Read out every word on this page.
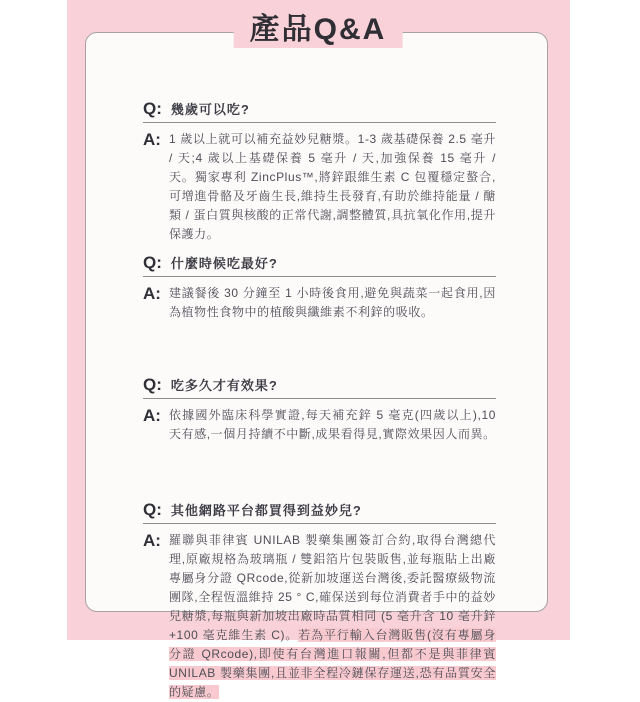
產品Q&A
Q: 幾歲可以吃?
A: 1 歲以上就可以補充益妙兒糖漿。1-3 歲基礎保養 2.5 毫升 / 天;4 歲以上基礎保養 5 毫升 / 天,加強保養 15 毫升 / 天。獨家專利 ZincPlus™,將鋅跟維生素 C 包覆穩定螯合,可增進骨骼及牙齒生長,維持生長發育,有助於維持能量 / 醣類 / 蛋白質與核酸的正常代謝,調整體質,具抗氧化作用,提升保護力。
Q: 什麼時候吃最好?
A: 建議餐後 30 分鐘至 1 小時後食用,避免與蔬菜一起食用,因為植物性食物中的植酸與纖維素不利鋅的吸收。
Q: 吃多久才有效果?
A: 依據國外臨床科學實證,每天補充鋅 5 毫克(四歲以上),10 天有感,一個月持續不中斷,成果看得見,實際效果因人而異。
Q: 其他網路平台都買得到益妙兒?
A: 羅聯與菲律賓 UNILAB 製藥集團簽訂合約,取得台灣總代理,原廠規格為玻璃瓶 / 雙鋁箔片包裝販售,並每瓶貼上出廠專屬身分證 QRcode,從新加坡運送台灣後,委託醫療級物流團隊,全程恆溫維持 25 ° C,確保送到每位消費者手中的益妙兒糖漿,每瓶與新加坡出廠時品質相同 (5 毫升含 10 毫升鋅 +100 毫克維生素 C)。若為平行輸入台灣販售(沒有專屬身分證 QRcode),即使有台灣進口報關,但都不是與菲律賓 UNILAB 製藥集團,且並非全程冷鏈保存運送,恐有品質安全的疑慮。
